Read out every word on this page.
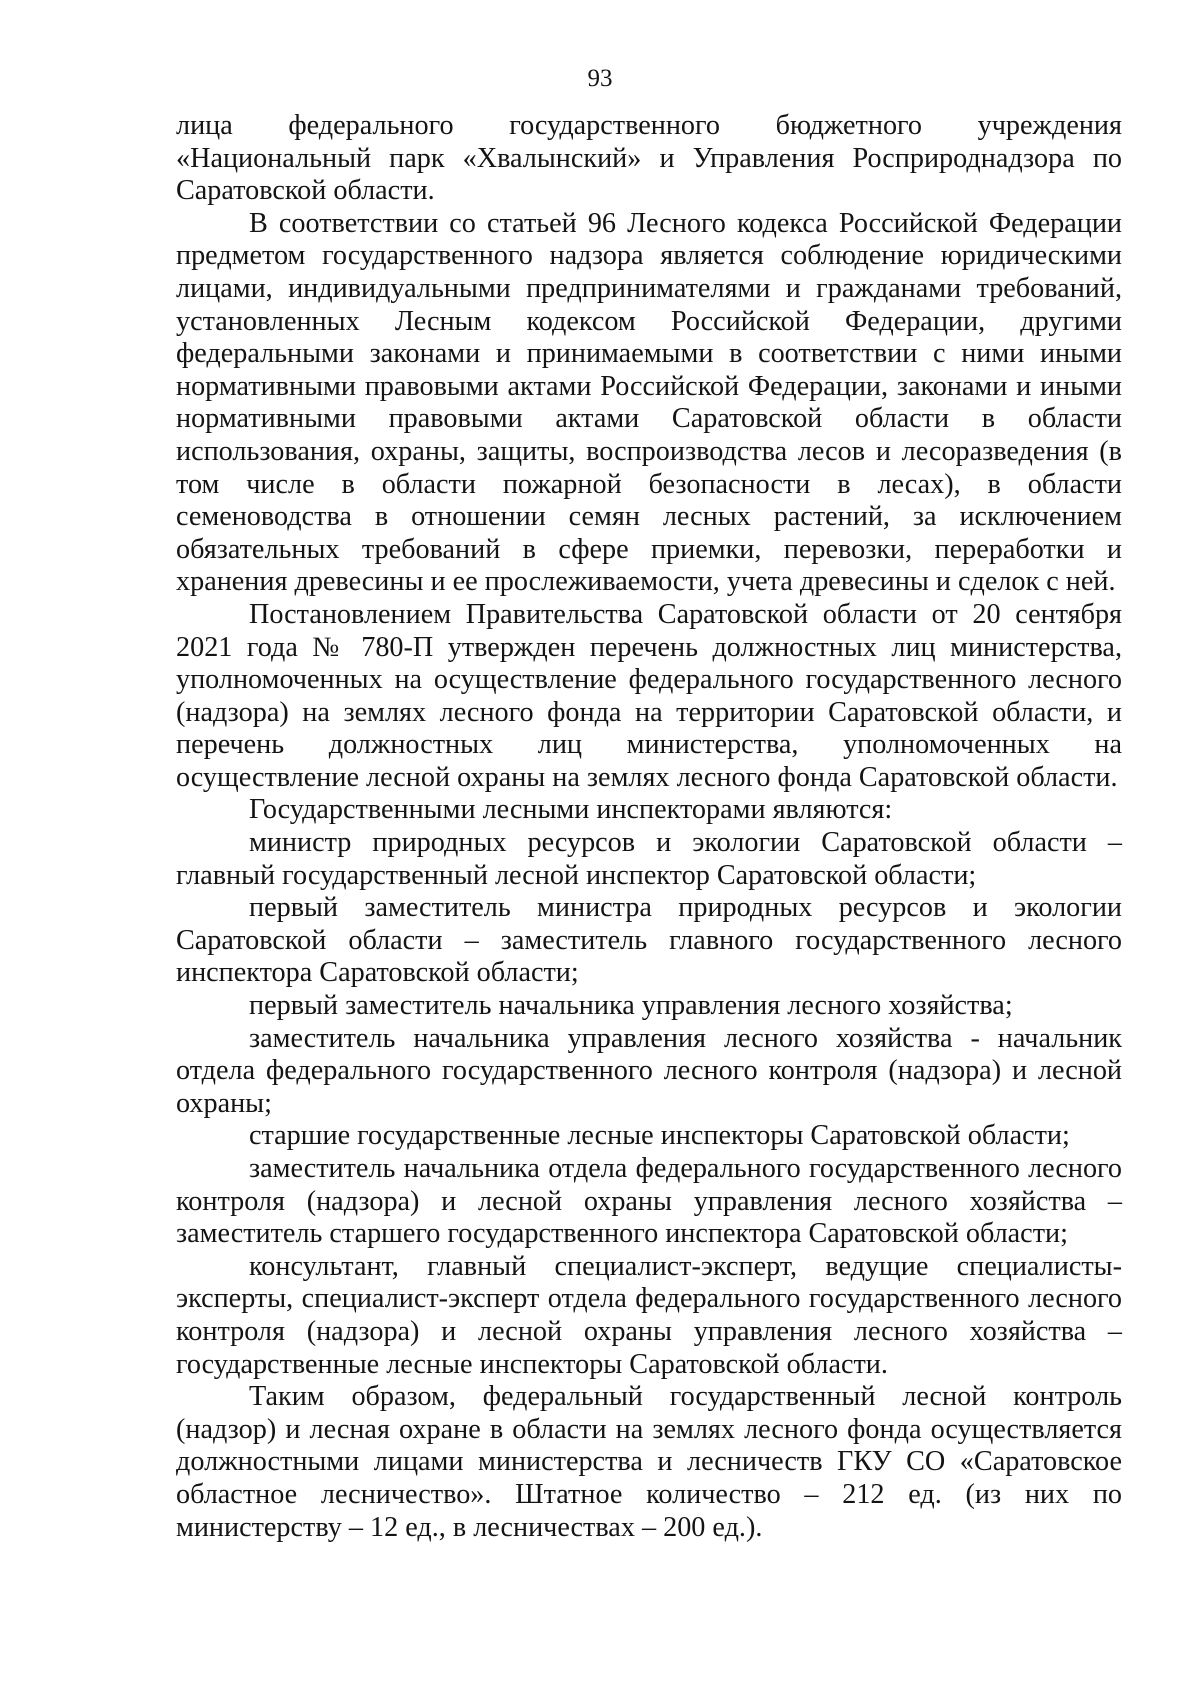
93

лица федерального государственного бюджетного учреждения «Национальный парк «Хвалынский» и Управления Росприроднадзора по Саратовской области.

В соответствии со статьей 96 Лесного кодекса Российской Федерации предметом государственного надзора является соблюдение юридическими лицами, индивидуальными предпринимателями и гражданами требований, установленных Лесным кодексом Российской Федерации, другими федеральными законами и принимаемыми в соответствии с ними иными нормативными правовыми актами Российской Федерации, законами и иными нормативными правовыми актами Саратовской области в области использования, охраны, защиты, воспроизводства лесов и лесоразведения (в том числе в области пожарной безопасности в лесах), в области семеноводства в отношении семян лесных растений, за исключением обязательных требований в сфере приемки, перевозки, переработки и хранения древесины и ее прослеживаемости, учета древесины и сделок с ней.

Постановлением Правительства Саратовской области от 20 сентября 2021 года № 780-П утвержден перечень должностных лиц министерства, уполномоченных на осуществление федерального государственного лесного (надзора) на землях лесного фонда на территории Саратовской области, и перечень должностных лиц министерства, уполномоченных на осуществление лесной охраны на землях лесного фонда Саратовской области.

Государственными лесными инспекторами являются:

министр природных ресурсов и экологии Саратовской области – главный государственный лесной инспектор Саратовской области;

первый заместитель министра природных ресурсов и экологии Саратовской области – заместитель главного государственного лесного инспектора Саратовской области;

первый заместитель начальника управления лесного хозяйства;

заместитель начальника управления лесного хозяйства - начальник отдела федерального государственного лесного контроля (надзора) и лесной охраны;

старшие государственные лесные инспекторы Саратовской области;

заместитель начальника отдела федерального государственного лесного контроля (надзора) и лесной охраны управления лесного хозяйства – заместитель старшего государственного инспектора Саратовской области;

консультант, главный специалист-эксперт, ведущие специалисты-эксперты, специалист-эксперт отдела федерального государственного лесного контроля (надзора) и лесной охраны управления лесного хозяйства – государственные лесные инспекторы Саратовской области.

Таким образом, федеральный государственный лесной контроль (надзор) и лесная охране в области на землях лесного фонда осуществляется должностными лицами министерства и лесничеств ГКУ СО «Саратовское областное лесничество». Штатное количество – 212 ед. (из них по министерству – 12 ед., в лесничествах – 200 ед.).
